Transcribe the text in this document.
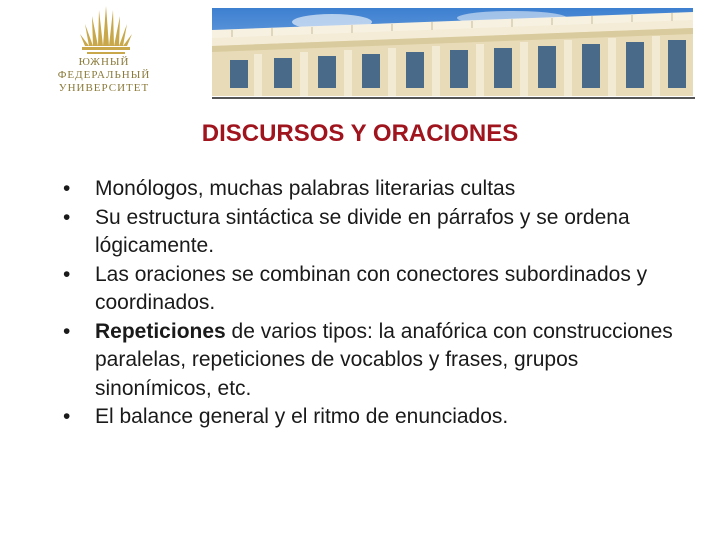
ЮЖНЫЙ
ФЕДЕРАЛЬНЫЙ
УНИВЕРСИТЕТ
DISCURSOS Y ORACIONES
•	Monólogos, muchas palabras literarias cultas
•	Su estructura sintáctica se divide en párrafos y se ordena lógicamente.
•	Las oraciones se combinan con conectores subordinados y coordinados.
•	Repeticiones de varios tipos: la anafórica con construcciones paralelas, repeticiones de vocablos y frases, grupos sinonímicos, etc.
•	El balance general y el ritmo de enunciados.
